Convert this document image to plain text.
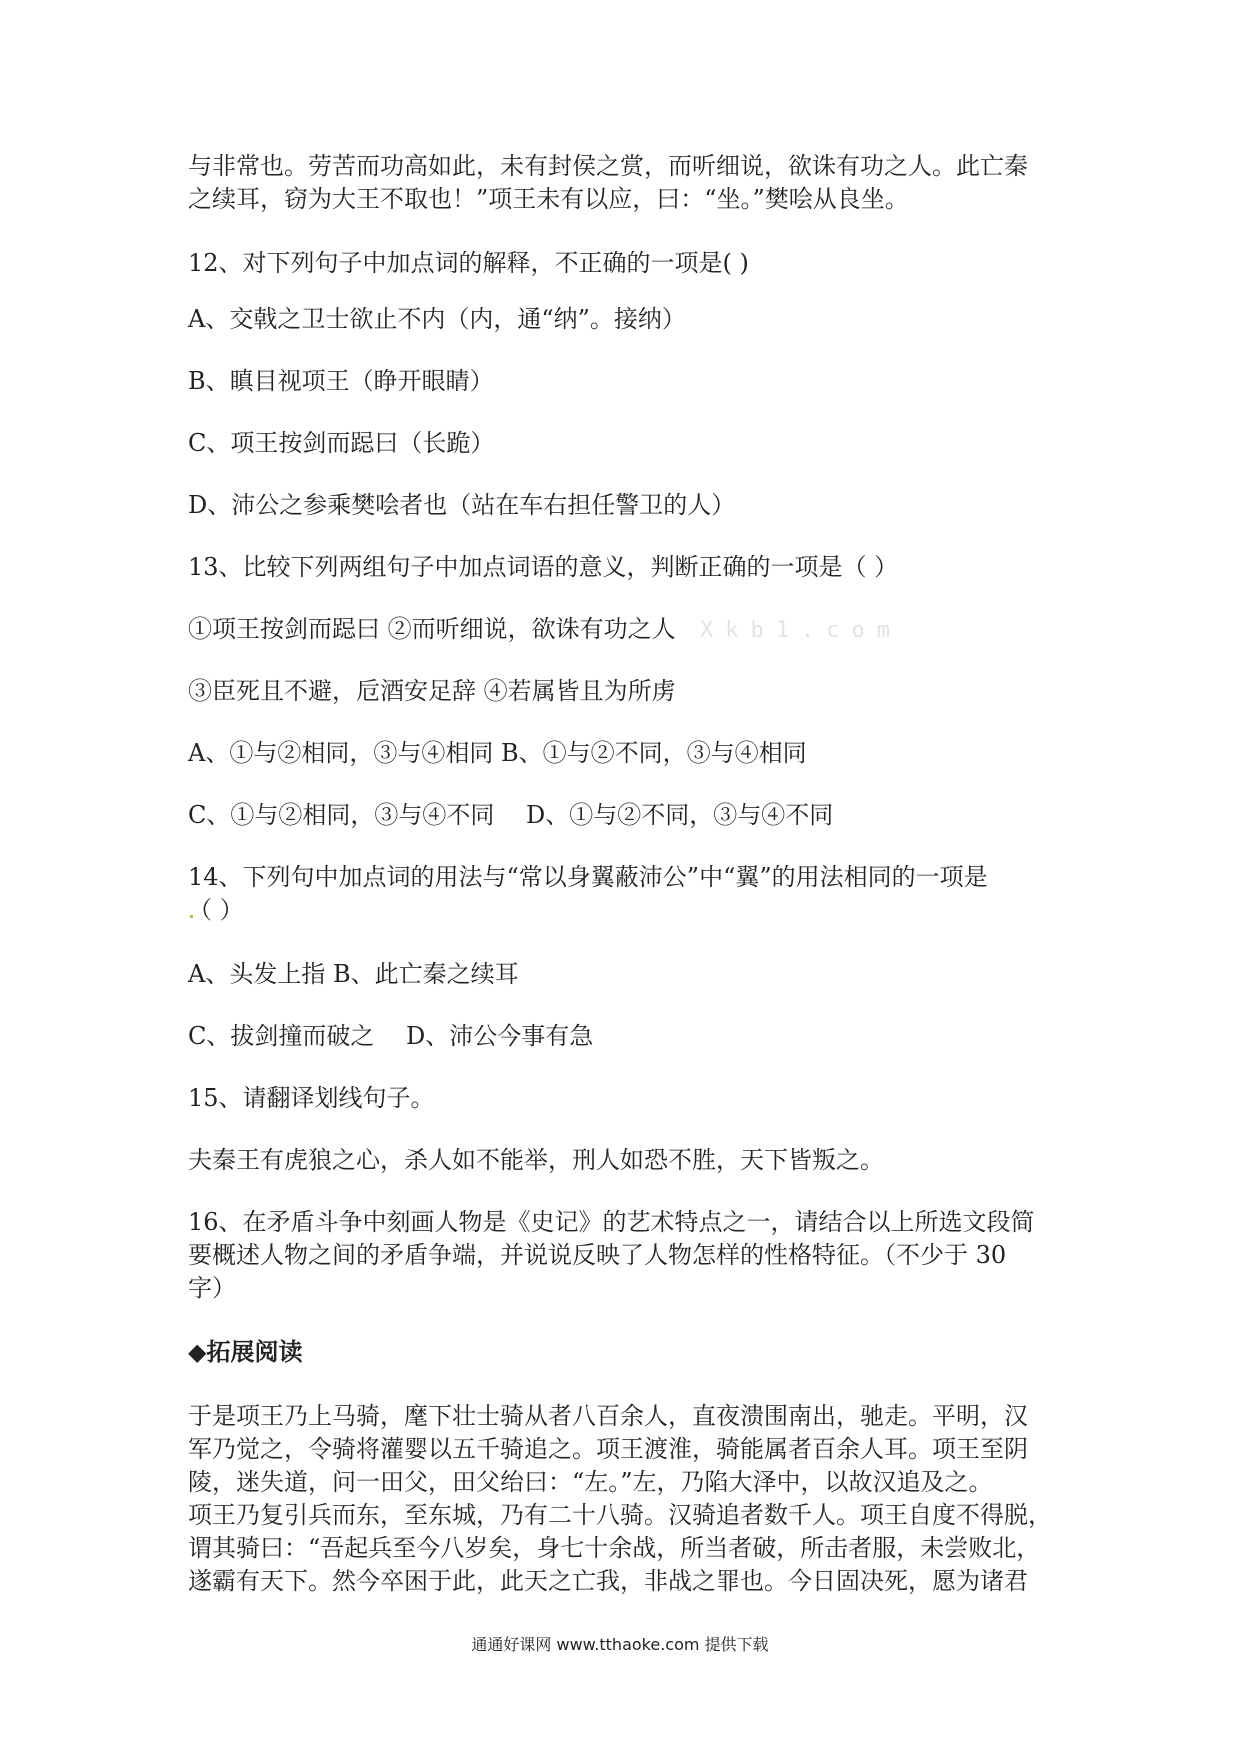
与非常也。劳苦而功高如此，未有封侯之赏，而听细说，欲诛有功之人。此亡秦

之续耳，窃为大王不取也！”项王未有以应，曰：“坐。”樊哙从良坐。

12、对下列句子中加点词的解释，不正确的一项是( )

A、交戟之卫士欲止不内（内，通“纳”。接纳）

B、瞋目视项王（睁开眼睛）

C、项王按剑而跽曰（长跪）

D、沛公之参乘樊哙者也（站在车右担任警卫的人）

13、比较下列两组句子中加点词语的意义，判断正确的一项是（ ）

①项王按剑而跽曰 ②而听细说，欲诛有功之人	Xkb1.com

③臣死且不避，卮酒安足辞 ④若属皆且为所虏

A、①与②相同，③与④相同 B、①与②不同，③与④相同

C、①与②相同，③与④不同　 D、①与②不同，③与④不同

14、下列句中加点词的用法与“常以身翼蔽沛公”中“翼”的用法相同的一项是

（ ）

A、头发上指 B、此亡秦之续耳

C、拔剑撞而破之　 D、沛公今事有急

15、请翻译划线句子。

夫秦王有虎狼之心，杀人如不能举，刑人如恐不胜，天下皆叛之。

16、在矛盾斗争中刻画人物是《史记》的艺术特点之一，请结合以上所选文段简

要概述人物之间的矛盾争端，并说说反映了人物怎样的性格特征。（不少于 30

字）

◆拓展阅读

于是项王乃上马骑，麾下壮士骑从者八百余人，直夜溃围南出，驰走。平明，汉

军乃觉之，令骑将灌婴以五千骑追之。项王渡淮，骑能属者百余人耳。项王至阴

陵，迷失道，问一田父，田父绐曰：“左。”左，乃陷大泽中，以故汉追及之。

项王乃复引兵而东，至东城，乃有二十八骑。汉骑追者数千人。项王自度不得脱，

谓其骑曰：“吾起兵至今八岁矣，身七十余战，所当者破，所击者服，未尝败北，

遂霸有天下。然今卒困于此，此天之亡我，非战之罪也。今日固决死，愿为诸君

通通好课网 www.tthaoke.com 提供下载
